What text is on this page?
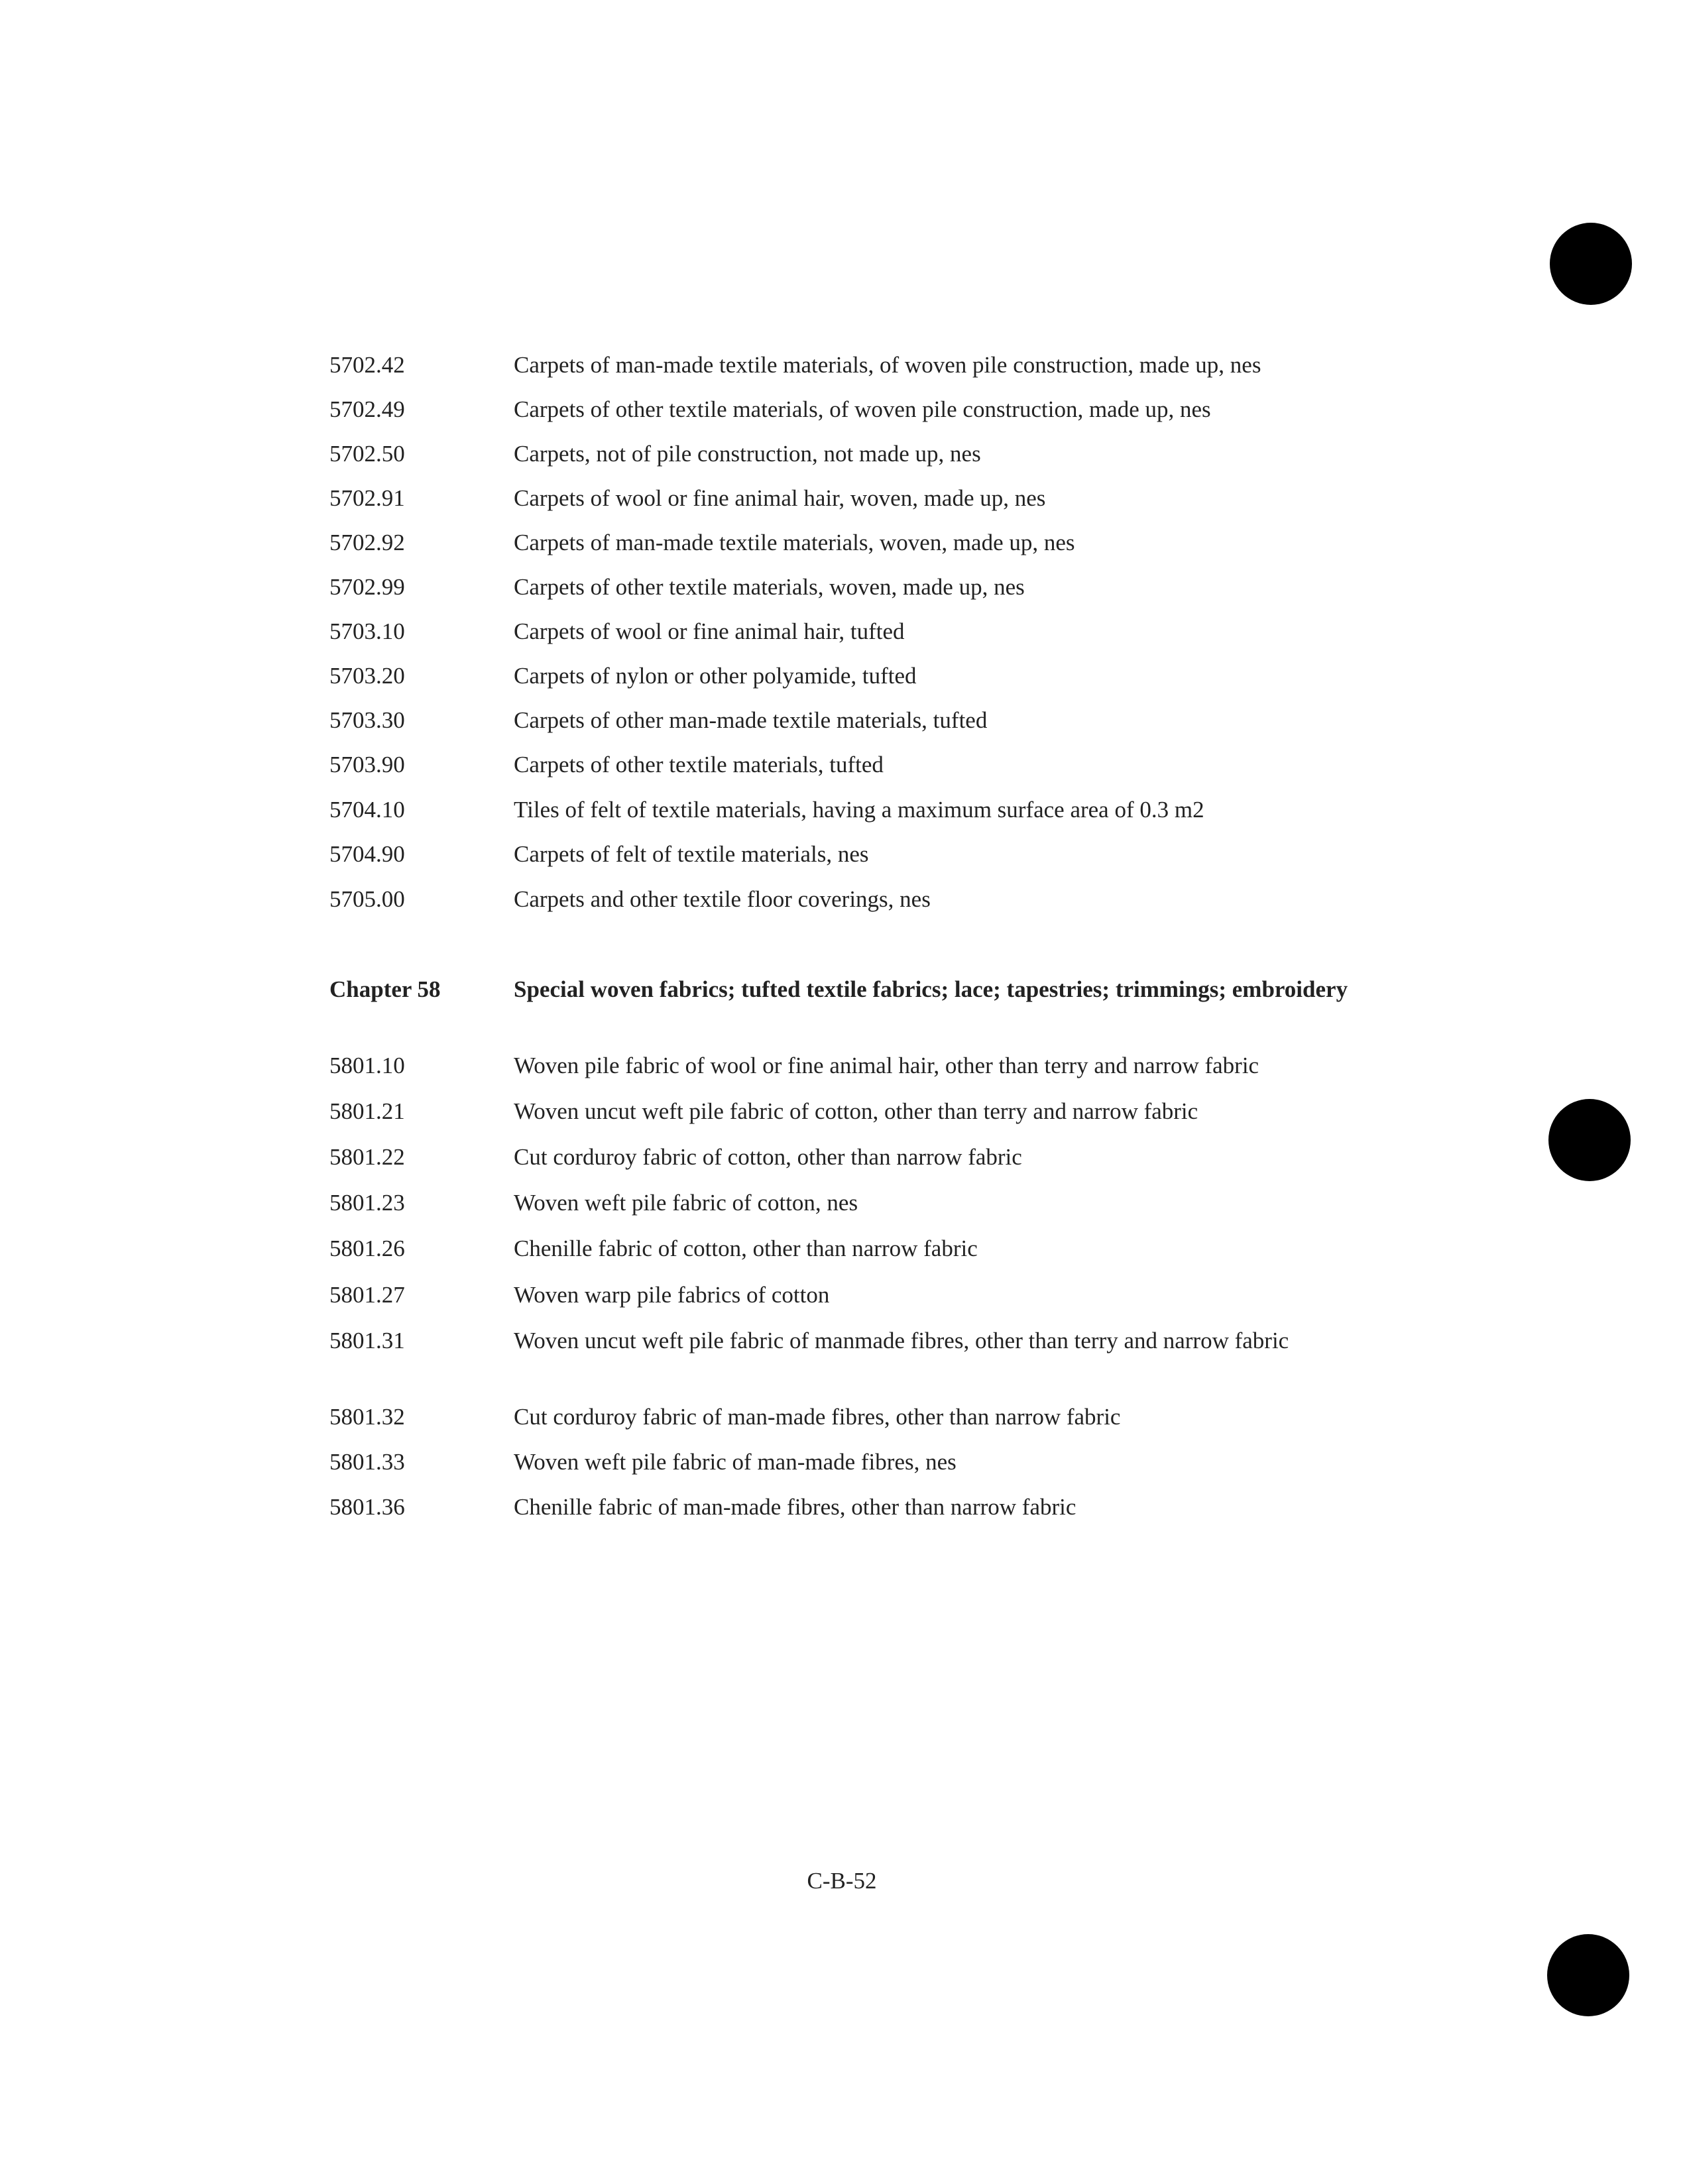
5702.42	Carpets of man-made textile materials, of woven pile construction, made up, nes
5702.49	Carpets of other textile materials, of woven pile construction, made up, nes
5702.50	Carpets, not of pile construction, not made up, nes
5702.91	Carpets of wool or fine animal hair, woven, made up, nes
5702.92	Carpets of man-made textile materials, woven, made up, nes
5702.99	Carpets of other textile materials, woven, made up, nes
5703.10	Carpets of wool or fine animal hair, tufted
5703.20	Carpets of nylon or other polyamide, tufted
5703.30	Carpets of other man-made textile materials, tufted
5703.90	Carpets of other textile materials, tufted
5704.10	Tiles of felt of textile materials, having a maximum surface area of 0.3 m2
5704.90	Carpets of felt of textile materials, nes
5705.00	Carpets and other textile floor coverings, nes
Chapter 58	Special woven fabrics; tufted textile fabrics; lace; tapestries; trimmings; embroidery
5801.10	Woven pile fabric of wool or fine animal hair, other than terry and narrow fabric
5801.21	Woven uncut weft pile fabric of cotton, other than terry and narrow fabric
5801.22	Cut corduroy fabric of cotton, other than narrow fabric
5801.23	Woven weft pile fabric of cotton, nes
5801.26	Chenille fabric of cotton, other than narrow fabric
5801.27	Woven warp pile fabrics of cotton
5801.31	Woven uncut weft pile fabric of manmade fibres, other than terry and narrow fabric
5801.32	Cut corduroy fabric of man-made fibres, other than narrow fabric
5801.33	Woven weft pile fabric of man-made fibres, nes
5801.36	Chenille fabric of man-made fibres, other than narrow fabric
C-B-52
